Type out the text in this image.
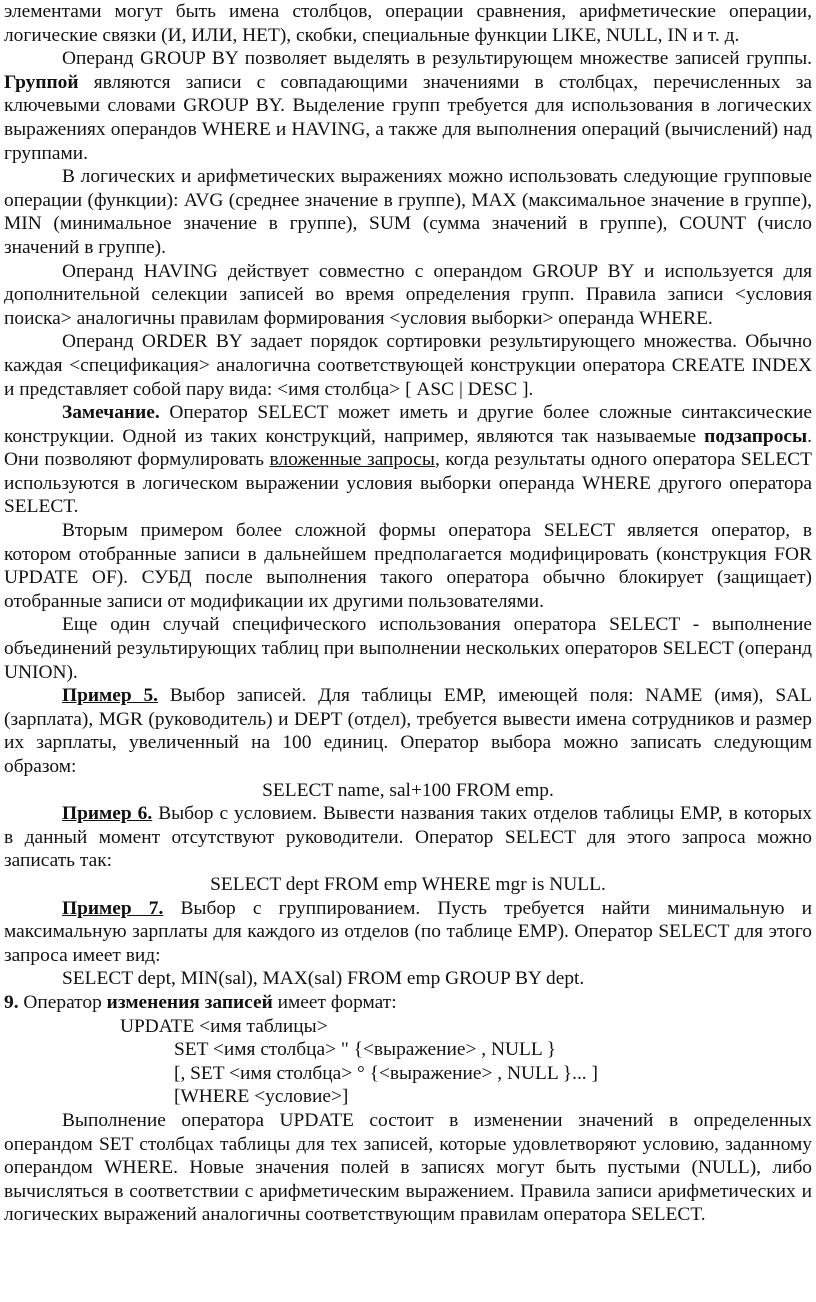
элементами могут быть имена столбцов, операции сравнения, арифметические операции, логические связки (И, ИЛИ, НЕТ), скобки, специальные функции LIKE, NULL, IN и т. д.

Операнд GROUP BY позволяет выделять в результирующем множестве записей группы. Группой являются записи с совпадающими значениями в столбцах, перечисленных за ключевыми словами GROUP BY. Выделение групп требуется для использования в логических выражениях операндов WHERE и HAVING, а также для выполнения операций (вычислений) над группами.

В логических и арифметических выражениях можно использовать следующие групповые операции (функции): AVG (среднее значение в группе), MAX (максимальное значение в группе), MIN (минимальное значение в группе), SUM (сумма значений в группе), COUNT (число значений в группе).

Операнд HAVING действует совместно с операндом GROUP BY и используется для дополнительной селекции записей во время определения групп. Правила записи <условия поиска> аналогичны правилам формирования <условия выборки> операнда WHERE.

Операнд ORDER BY задает порядок сортировки результирующего множества. Обычно каждая <спецификация> аналогична соответствующей конструкции оператора CREATE INDEX и представляет собой пару вида: <имя столбца> [ ASC | DESC ].

Замечание. Оператор SELECT может иметь и другие более сложные синтаксические конструкции. Одной из таких конструкций, например, являются так называемые подзапросы. Они позволяют формулировать вложенные запросы, когда результаты одного оператора SELECT используются в логическом выражении условия выборки операнда WHERE другого оператора SELECT.

Вторым примером более сложной формы оператора SELECT является оператор, в котором отобранные записи в дальнейшем предполагается модифицировать (конструкция FOR UPDATE OF). СУБД после выполнения такого оператора обычно блокирует (защищает) отобранные записи от модификации их другими пользователями.

Еще один случай специфического использования оператора SELECT - выполнение объединений результирующих таблиц при выполнении нескольких операторов SELECT (операнд UNION).

Пример 5. Выбор записей. Для таблицы EMP, имеющей поля: NAME (имя), SAL (зарплата), MGR (руководитель) и DEPT (отдел), требуется вывести имена сотрудников и размер их зарплаты, увеличенный на 100 единиц. Оператор выбора можно записать следующим образом:

SELECT name, sal+100 FROM emp.

Пример 6. Выбор с условием. Вывести названия таких отделов таблицы EMP, в которых в данный момент отсутствуют руководители. Оператор SELECT для этого запроса можно записать так:

SELECT dept FROM emp WHERE mgr is NULL.

Пример 7. Выбор с группированием. Пусть требуется найти минимальную и максимальную зарплаты для каждого из отделов (по таблице EMP). Оператор SELECT для этого запроса имеет вид:

SELECT dept, MIN(sal), MAX(sal) FROM emp GROUP BY dept.

9. Оператор изменения записей имеет формат:

UPDATE <имя таблицы>

SET <имя столбца> " {<выражение> , NULL }

[, SET <имя столбца> ° {<выражение> , NULL }... ]

[WHERE <условие>]

Выполнение оператора UPDATE состоит в изменении значений в определенных операндом SET столбцах таблицы для тех записей, которые удовлетворяют условию, заданному операндом WHERE. Новые значения полей в записях могут быть пустыми (NULL), либо вычисляться в соответствии с арифметическим выражением. Правила записи арифметических и логических выражений аналогичны соответствующим правилам оператора SELECT.
